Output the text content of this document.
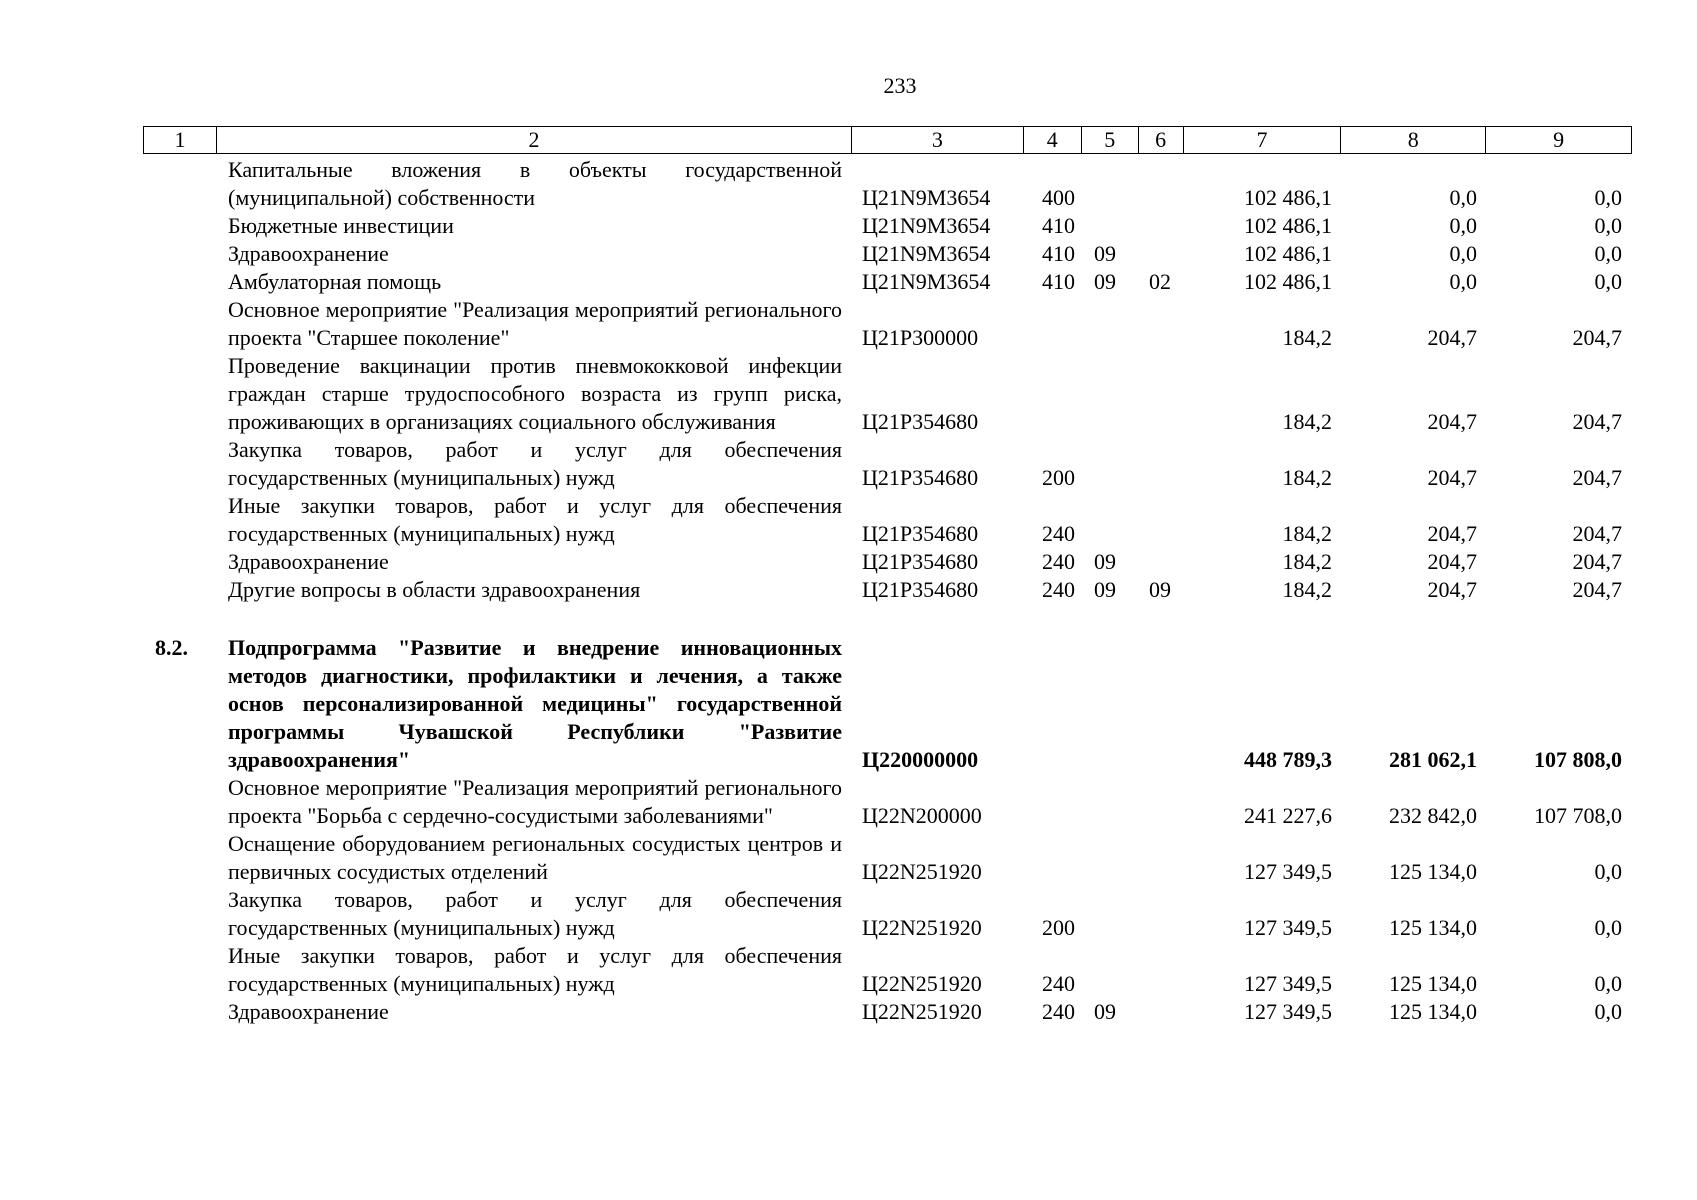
233
1	2	3	4	5	6	7	8	9
	Капитальные вложения в объекты государственной (муниципальной) собственности	Ц21N9M3654	400			102 486,1	0,0	0,0
	Бюджетные инвестиции	Ц21N9M3654	410			102 486,1	0,0	0,0
	Здравоохранение	Ц21N9M3654	410	09		102 486,1	0,0	0,0
	Амбулаторная помощь	Ц21N9M3654	410	09	02	102 486,1	0,0	0,0
	Основное мероприятие "Реализация мероприятий регионального проекта "Старшее поколение"	Ц21P300000				184,2	204,7	204,7
	Проведение вакцинации против пневмококковой инфекции граждан старше трудоспособного возраста из групп риска, проживающих в организациях социального обслуживания	Ц21P354680				184,2	204,7	204,7
	Закупка товаров, работ и услуг для обеспечения государственных (муниципальных) нужд	Ц21P354680	200			184,2	204,7	204,7
	Иные закупки товаров, работ и услуг для обеспечения государственных (муниципальных) нужд	Ц21P354680	240			184,2	204,7	204,7
	Здравоохранение	Ц21P354680	240	09		184,2	204,7	204,7
	Другие вопросы в области здравоохранения	Ц21P354680	240	09	09	184,2	204,7	204,7

8.2.	Подпрограмма "Развитие и внедрение инновационных методов диагностики, профилактики и лечения, а также основ персонализированной медицины" государственной программы Чувашской Республики "Развитие здравоохранения"	Ц220000000				448 789,3	281 062,1	107 808,0
	Основное мероприятие "Реализация мероприятий регионального проекта "Борьба с сердечно-сосудистыми заболеваниями"	Ц22N200000				241 227,6	232 842,0	107 708,0
	Оснащение оборудованием региональных сосудистых центров и первичных сосудистых отделений	Ц22N251920				127 349,5	125 134,0	0,0
	Закупка товаров, работ и услуг для обеспечения государственных (муниципальных) нужд	Ц22N251920	200			127 349,5	125 134,0	0,0
	Иные закупки товаров, работ и услуг для обеспечения государственных (муниципальных) нужд	Ц22N251920	240			127 349,5	125 134,0	0,0
	Здравоохранение	Ц22N251920	240	09		127 349,5	125 134,0	0,0
